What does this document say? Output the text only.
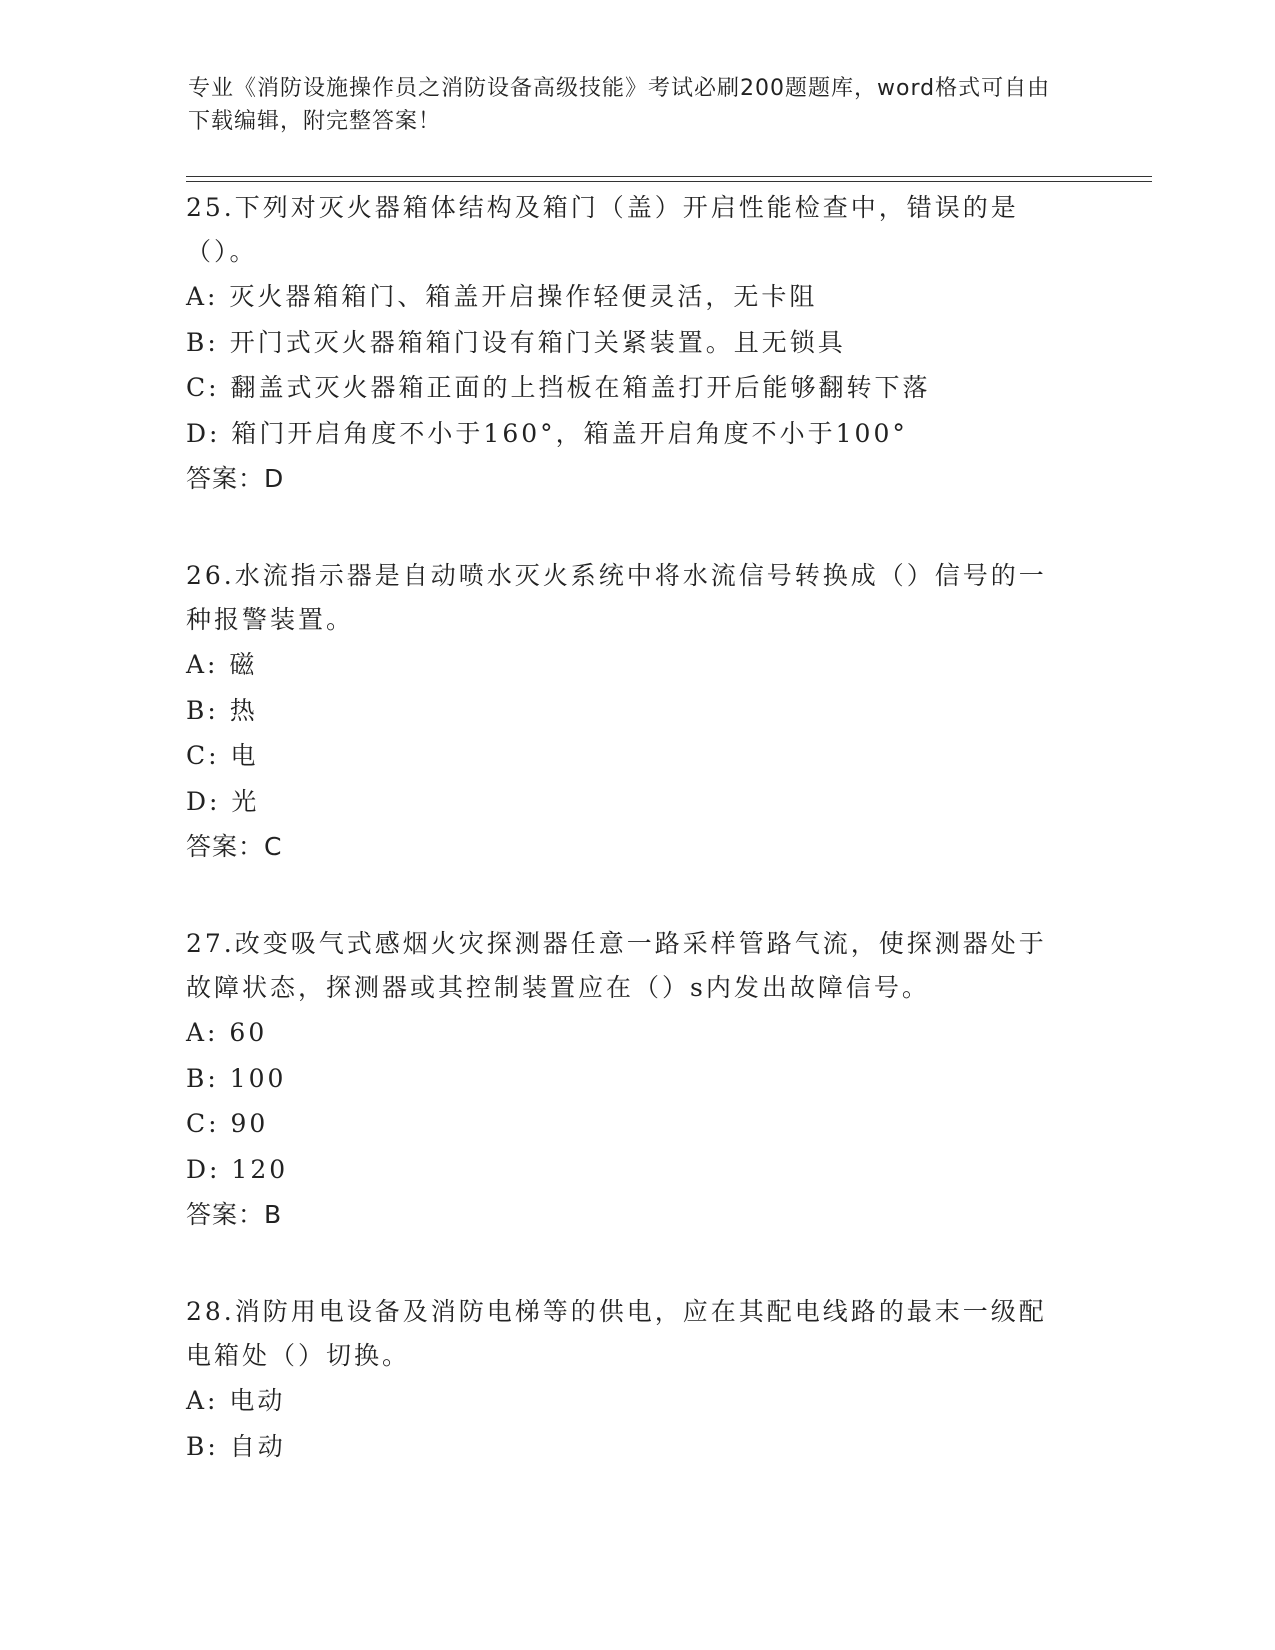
专业《消防设施操作员之消防设备高级技能》考试必刷200题题库，word格式可自由下载编辑，附完整答案！

25.下列对灭火器箱体结构及箱门（盖）开启性能检查中，错误的是（）。

A: 灭火器箱箱门、箱盖开启操作轻便灵活，无卡阻

B: 开门式灭火器箱箱门设有箱门关紧装置。且无锁具

C: 翻盖式灭火器箱正面的上挡板在箱盖打开后能够翻转下落

D: 箱门开启角度不小于160°，箱盖开启角度不小于100°

答案：D

26.水流指示器是自动喷水灭火系统中将水流信号转换成（）信号的一种报警装置。

A: 磁

B: 热

C: 电

D: 光

答案：C

27.改变吸气式感烟火灾探测器任意一路采样管路气流，使探测器处于故障状态，探测器或其控制装置应在（）s内发出故障信号。

A: 60

B: 100

C: 90

D: 120

答案：B

28.消防用电设备及消防电梯等的供电，应在其配电线路的最末一级配电箱处（）切换。

A: 电动

B: 自动
